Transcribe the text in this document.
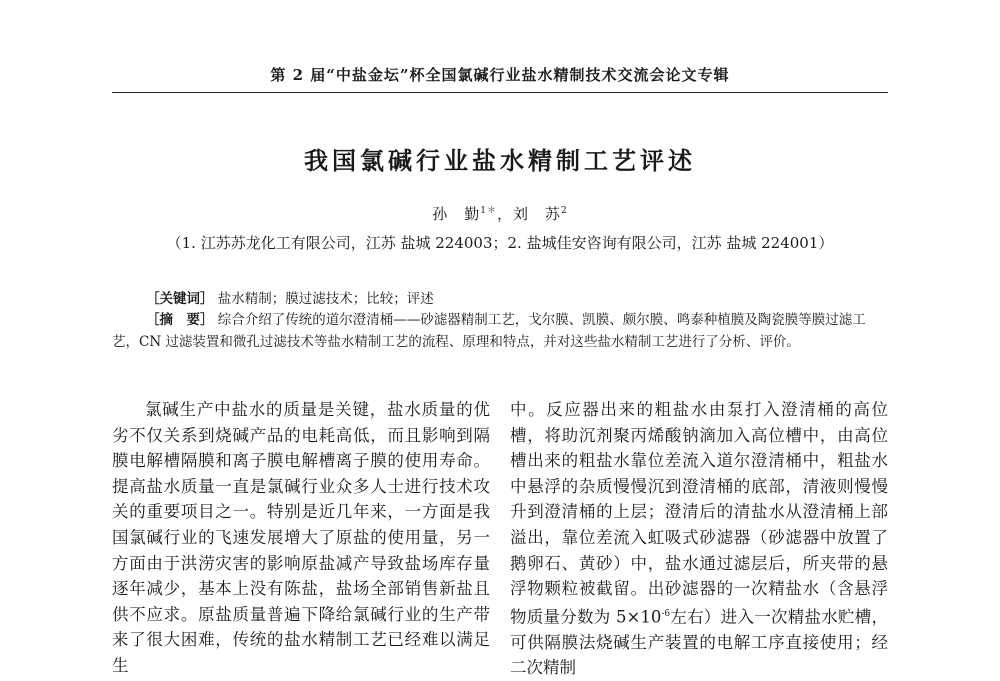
第 2 届“中盐金坛”杯全国氯碱行业盐水精制技术交流会论文专辑
我国氯碱行业盐水精制工艺评述
孙　勤$^{1*}$，刘　苏$^2$
（1. 江苏苏龙化工有限公司，江苏 盐城 224003；2. 盐城佳安咨询有限公司，江苏 盐城 224001）
［关键词］ 盐水精制；膜过滤技术；比较；评述
［摘　要］ 综合介绍了传统的道尔澄清桶——砂滤器精制工艺，戈尔膜、凯膜、颇尔膜、鸣泰种植膜及陶瓷膜等膜过滤工艺，CN 过滤装置和微孔过滤技术等盐水精制工艺的流程、原理和特点，并对这些盐水精制工艺进行了分析、评价。
氯碱生产中盐水的质量是关键，盐水质量的优劣不仅关系到烧碱产品的电耗高低，而且影响到隔膜电解槽隔膜和离子膜电解槽离子膜的使用寿命。提高盐水质量一直是氯碱行业众多人士进行技术攻关的重要项目之一。特别是近几年来，一方面是我国氯碱行业的飞速发展增大了原盐的使用量，另一方面由于洪涝灾害的影响原盐减产导致盐场库存量逐年减少，基本上没有陈盐，盐场全部销售新盐且供不应求。原盐质量普遍下降给氯碱行业的生产带来了很大困难，传统的盐水精制工艺已经难以满足生
中。反应器出来的粗盐水由泵打入澄清桶的高位槽，将助沉剂聚丙烯酸钠滴加入高位槽中，由高位槽出来的粗盐水靠位差流入道尔澄清桶中，粗盐水中悬浮的杂质慢慢沉到澄清桶的底部，清液则慢慢升到澄清桶的上层；澄清后的清盐水从澄清桶上部溢出，靠位差流入虹吸式砂滤器（砂滤器中放置了鹅卵石、黄砂）中，盐水通过滤层后，所夹带的悬浮物颗粒被截留。出砂滤器的一次精盐水（含悬浮物质量分数为 $5\times 10^{-6}$左右）进入一次精盐水贮槽，可供隔膜法烧碱生产装置的电解工序直接使用；经二次精制
